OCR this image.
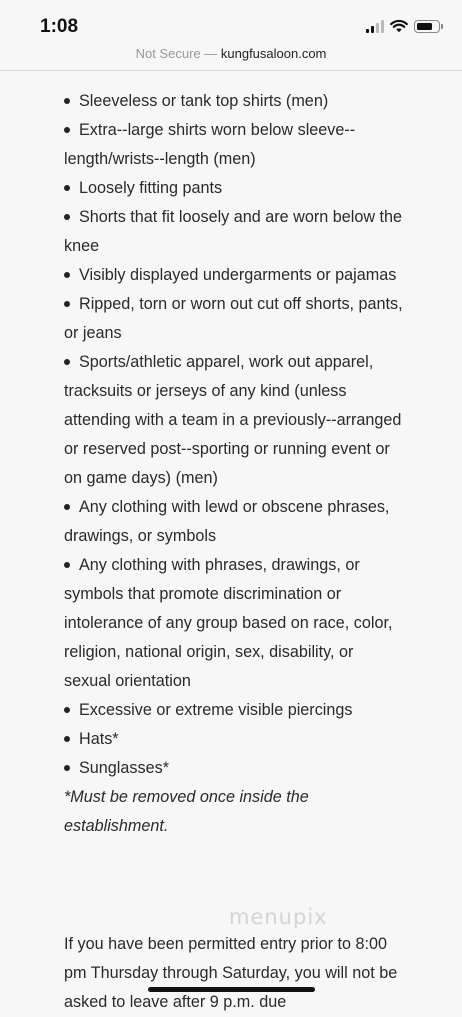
1:08
Not Secure — kungfusaloon.com
Sleeveless or tank top shirts (men)
Extra--large shirts worn below sleeve--length/wrists--length (men)
Loosely fitting pants
Shorts that fit loosely and are worn below the knee
Visibly displayed undergarments or pajamas
Ripped, torn or worn out cut off shorts, pants, or jeans
Sports/athletic apparel, work out apparel, tracksuits or jerseys of any kind (unless attending with a team in a previously--arranged or reserved post--sporting or running event or on game days) (men)
Any clothing with lewd or obscene phrases, drawings, or symbols
Any clothing with phrases, drawings, or symbols that promote discrimination or intolerance of any group based on race, color, religion, national origin, sex, disability, or sexual orientation
Excessive or extreme visible piercings
Hats*
Sunglasses*
*Must be removed once inside the establishment.
menupix

If you have been permitted entry prior to 8:00 pm Thursday through Saturday, you will not be asked to leave after 9 p.m. due
